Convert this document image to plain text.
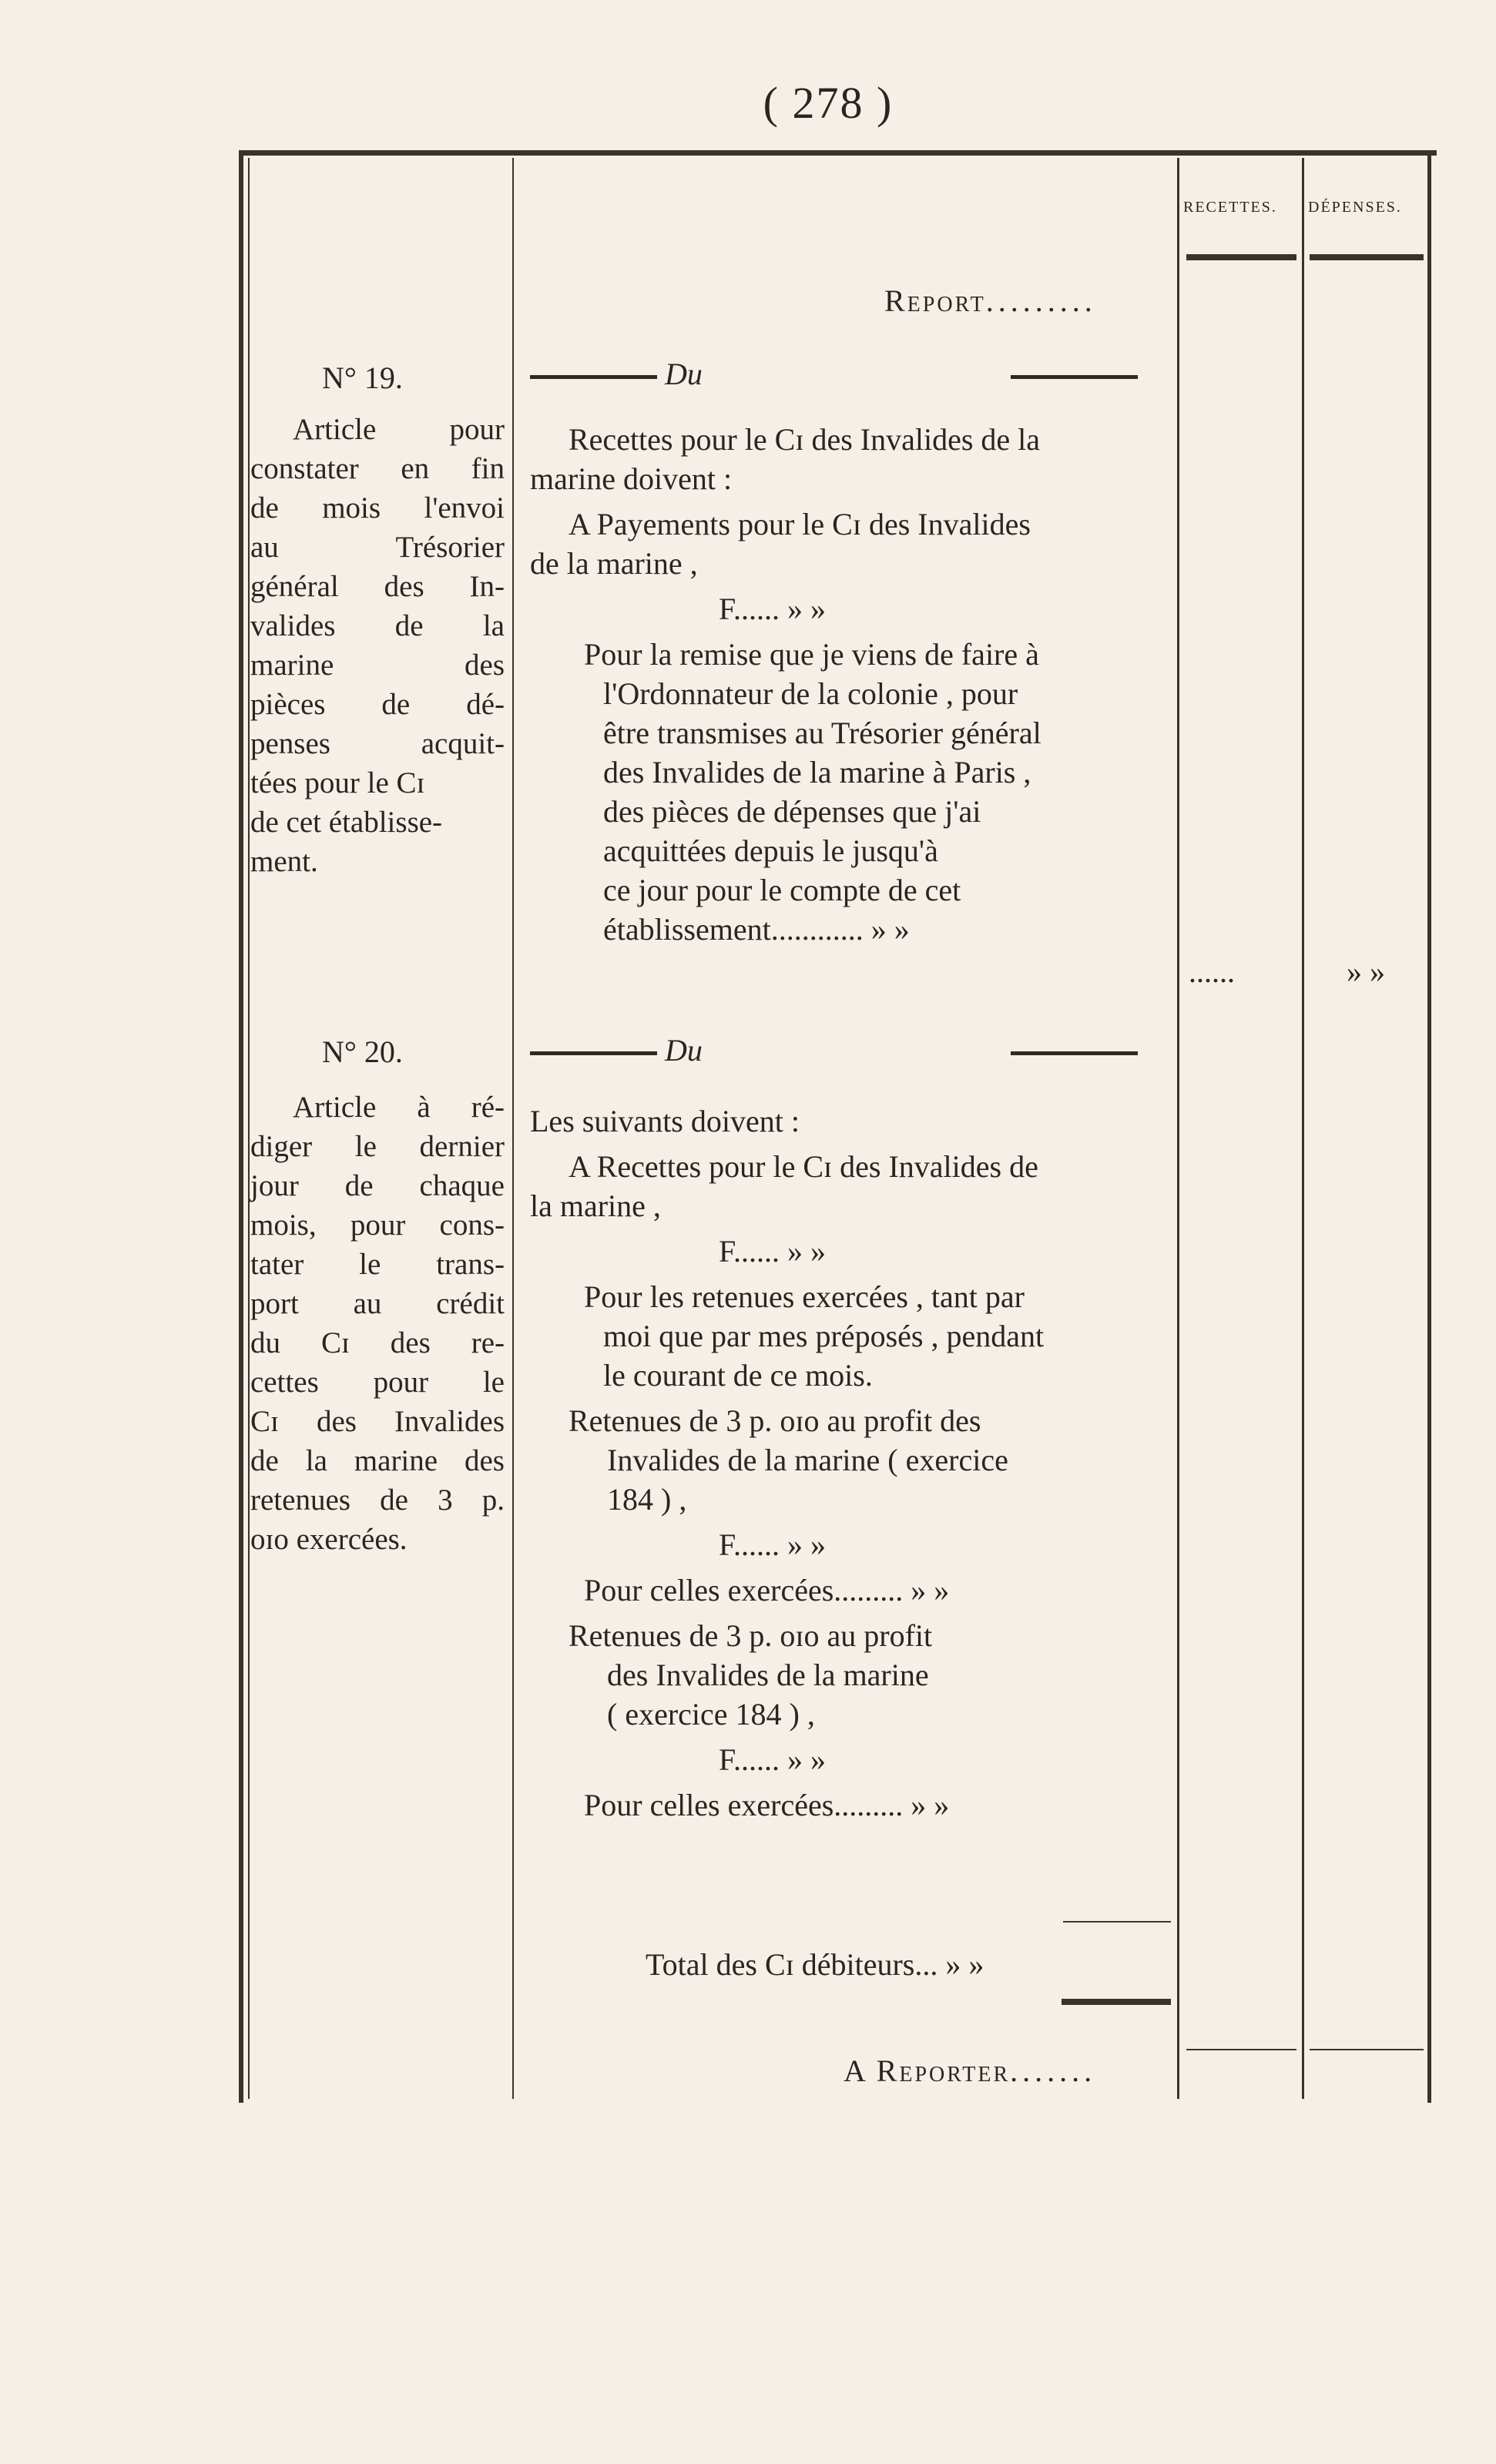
( 278 )
RECETTES. DÉPENSES.
Report.........
N° 19.
Article pour
constater en fin
de mois l'envoi
au Trésorier
général des In-
valides de la
marine des
pièces de dé-
penses acquit-
tées pour le Cɪ
de cet établisse-
ment.
Du
Recettes pour le Cɪ des Invalides de la
marine doivent :
A Payements pour le Cɪ des Invalides
de la marine ,
F...... » »
Pour la remise que je viens de faire à
l'Ordonnateur de la colonie , pour
être transmises au Trésorier général
des Invalides de la marine à Paris ,
des pièces de dépenses que j'ai
acquittées depuis le jusqu'à
ce jour pour le compte de cet
établissement............ » »
......	» »
N° 20.
Article à ré-
diger le dernier
jour de chaque
mois, pour cons-
tater le trans-
port au crédit
du Cɪ des re-
cettes pour le
Cɪ des Invalides
de la marine des
retenues de 3 p.
oɪo exercées.
Du
Les suivants doivent :
A Recettes pour le Cɪ des Invalides de
la marine ,
F...... » »
Pour les retenues exercées , tant par
moi que par mes préposés , pendant
le courant de ce mois.
Retenues de 3 p. oɪo au profit des
Invalides de la marine ( exercice
184 ) ,
F...... » »
Pour celles exercées......... » »
Retenues de 3 p. oɪo au profit
des Invalides de la marine
( exercice 184 ) ,
F...... » »
Pour celles exercées......... » »
Total des Cɪ débiteurs... » »
A Reporter.......
